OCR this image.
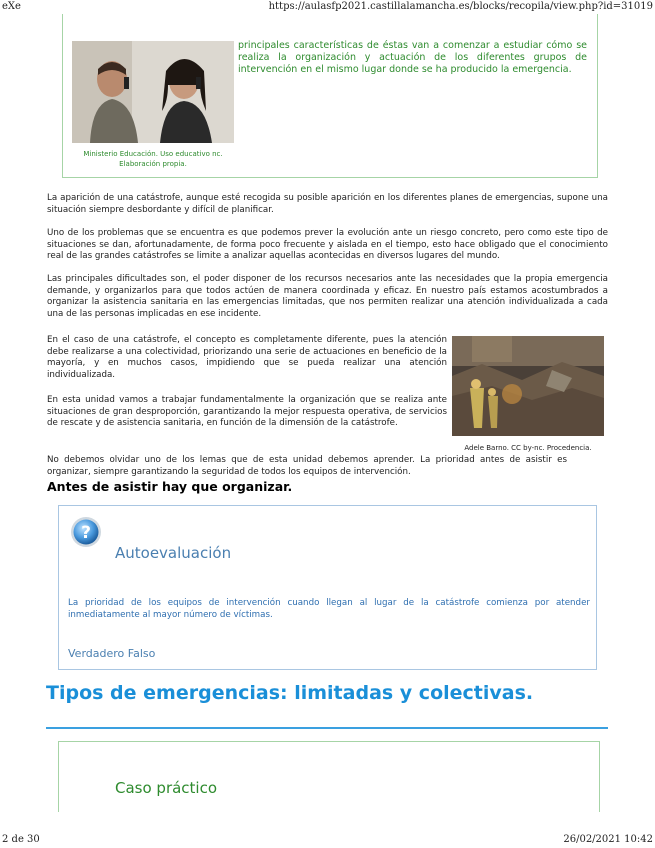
eXe	https://aulasfp2021.castillalamancha.es/blocks/recopila/view.php?id=31019
Ministerio Educación. Uso educativo nc. Elaboración propia.
principales características de éstas van a comenzar a estudiar cómo se realiza la organización y actuación de los diferentes grupos de intervención en el mismo lugar donde se ha producido la emergencia.
La aparición de una catástrofe, aunque esté recogida su posible aparición en los diferentes planes de emergencias, supone una situación siempre desbordante y difícil de planificar.
Uno de los problemas que se encuentra es que podemos prever la evolución ante un riesgo concreto, pero como este tipo de situaciones se dan, afortunadamente, de forma poco frecuente y aislada en el tiempo, esto hace obligado que el conocimiento real de las grandes catástrofes se limite a analizar aquellas acontecidas en diversos lugares del mundo.
Las principales dificultades son, el poder disponer de los recursos necesarios ante las necesidades que la propia emergencia demande, y organizarlos para que todos actúen de manera coordinada y eficaz. En nuestro país estamos acostumbrados a organizar la asistencia sanitaria en las emergencias limitadas, que nos permiten realizar una atención individualizada a cada una de las personas implicadas en ese incidente.
En el caso de una catástrofe, el concepto es completamente diferente, pues la atención debe realizarse a una colectividad, priorizando una serie de actuaciones en beneficio de la mayoría, y en muchos casos, impidiendo que se pueda realizar una atención individualizada.
En esta unidad vamos a trabajar fundamentalmente la organización que se realiza ante situaciones de gran desproporción, garantizando la mejor respuesta operativa, de servicios de rescate y de asistencia sanitaria, en función de la dimensión de la catástrofe.
No debemos olvidar uno de los lemas que de esta unidad debemos aprender. La prioridad antes de asistir es organizar, siempre garantizando la seguridad de todos los equipos de intervención.
Adele Barno. CC by-nc. Procedencia.
Antes de asistir hay que organizar.
?
Autoevaluación
La prioridad de los equipos de intervención cuando llegan al lugar de la catástrofe comienza por atender inmediatamente al mayor número de víctimas.
Verdadero Falso
Tipos de emergencias: limitadas y colectivas.
Caso práctico
2 de 30	26/02/2021 10:42
